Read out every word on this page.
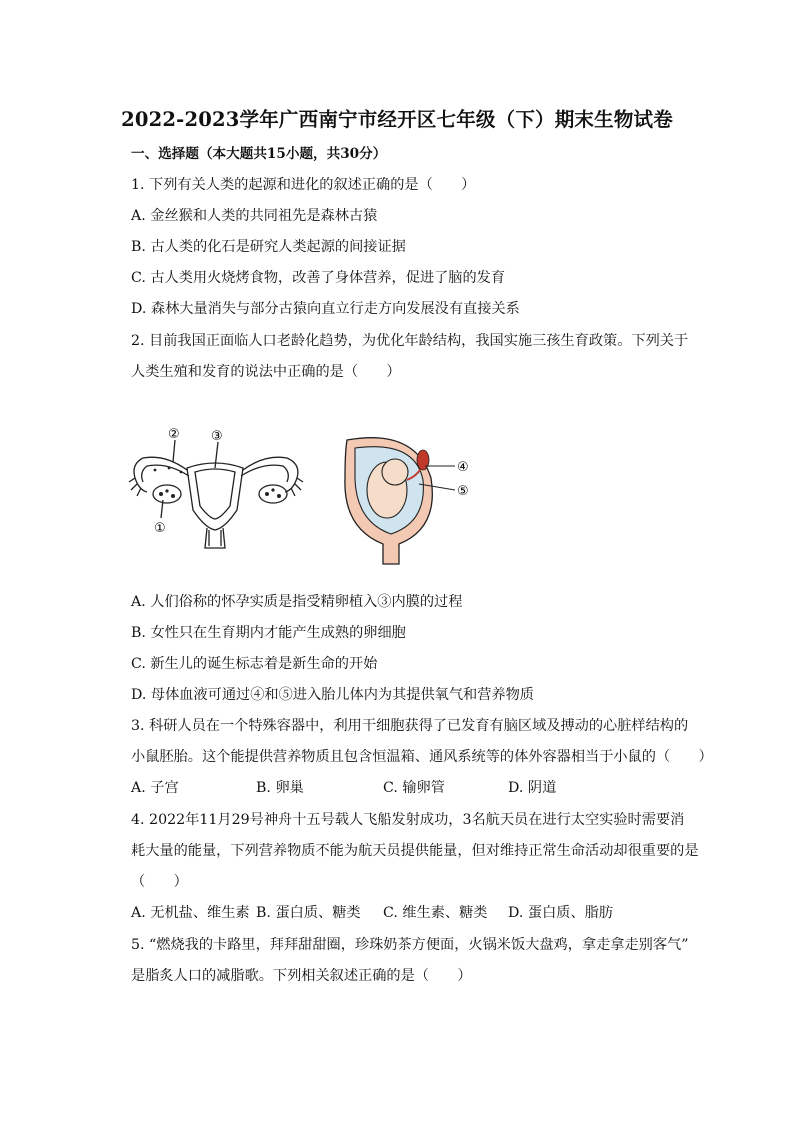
2022-2023学年广西南宁市经开区七年级（下）期末生物试卷
一、选择题（本大题共15小题，共30分）
1. 下列有关人类的起源和进化的叙述正确的是（　　）
A. 金丝猴和人类的共同祖先是森林古猿
B. 古人类的化石是研究人类起源的间接证据
C. 古人类用火烧烤食物，改善了身体营养，促进了脑的发育
D. 森林大量消失与部分古猿向直立行走方向发展没有直接关系
2. 目前我国正面临人口老龄化趋势，为优化年龄结构，我国实施三孩生育政策。下列关于
人类生殖和发育的说法中正确的是（　　）
② ③
①
④
⑤
A. 人们俗称的怀孕实质是指受精卵植入③内膜的过程
B. 女性只在生育期内才能产生成熟的卵细胞
C. 新生儿的诞生标志着是新生命的开始
D. 母体血液可通过④和⑤进入胎儿体内为其提供氧气和营养物质
3. 科研人员在一个特殊容器中，利用干细胞获得了已发育有脑区域及搏动的心脏样结构的
小鼠胚胎。这个能提供营养物质且包含恒温箱、通风系统等的体外容器相当于小鼠的（　　）
A. 子宫	B. 卵巢	C. 输卵管	D. 阴道
4. 2022年11月29号神舟十五号载人飞船发射成功，3名航天员在进行太空实验时需要消
耗大量的能量，下列营养物质不能为航天员提供能量，但对维持正常生命活动却很重要的是
（　　）
A. 无机盐、维生素 B. 蛋白质、糖类 C. 维生素、糖类 D. 蛋白质、脂肪
5. “燃烧我的卡路里，拜拜甜甜圈，珍珠奶茶方便面，火锅米饭大盘鸡，拿走拿走别客气”
是脂炙人口的减脂歌。下列相关叙述正确的是（　　）
